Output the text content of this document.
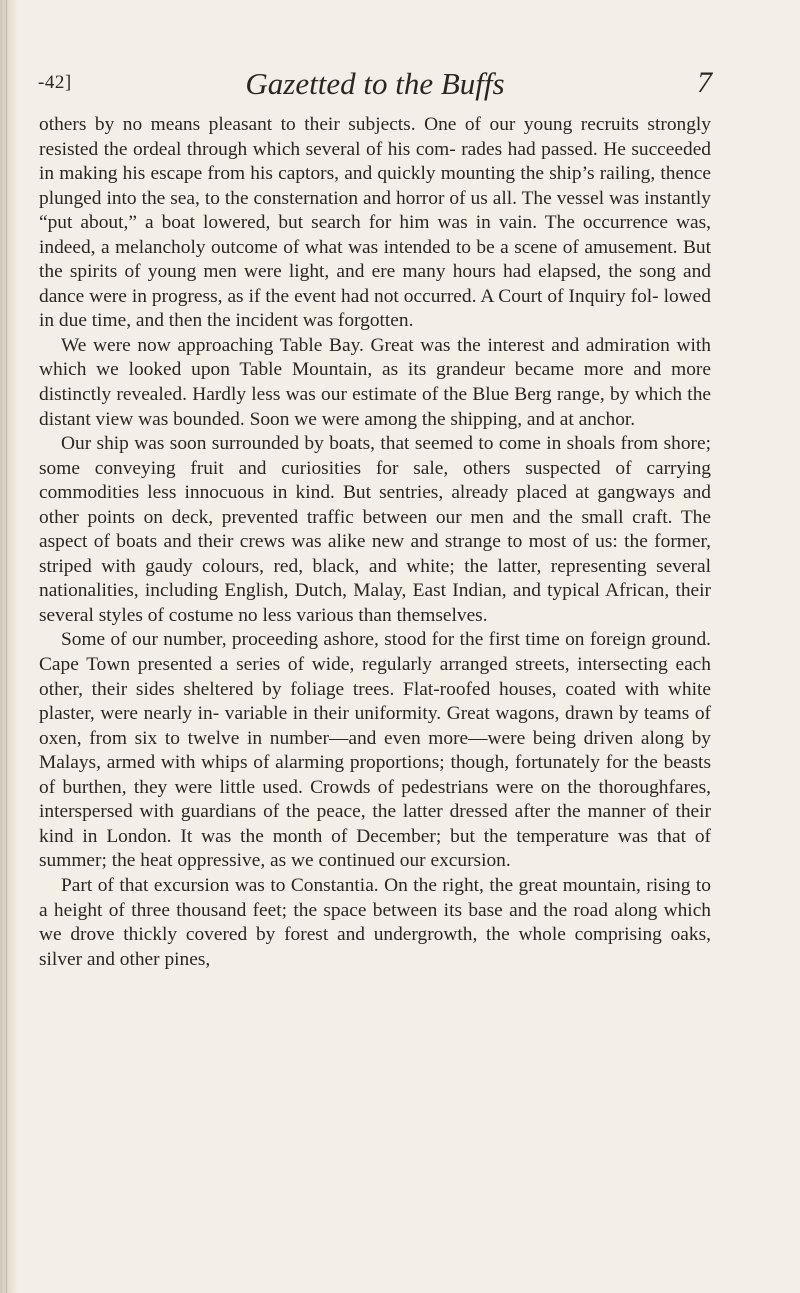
-42]	Gazetted to the Buffs	7

others by no means pleasant to their subjects. One of our young recruits strongly resisted the ordeal through which several of his com- rades had passed. He succeeded in making his escape from his captors, and quickly mounting the ship’s railing, thence plunged into the sea, to the consternation and horror of us all. The vessel was instantly “put about,” a boat lowered, but search for him was in vain. The occurrence was, indeed, a melancholy outcome of what was intended to be a scene of amusement. But the spirits of young men were light, and ere many hours had elapsed, the song and dance were in progress, as if the event had not occurred. A Court of Inquiry fol- lowed in due time, and then the incident was forgotten.

We were now approaching Table Bay. Great was the interest and admiration with which we looked upon Table Mountain, as its grandeur became more and more distinctly revealed. Hardly less was our estimate of the Blue Berg range, by which the distant view was bounded. Soon we were among the shipping, and at anchor.

Our ship was soon surrounded by boats, that seemed to come in shoals from shore; some conveying fruit and curiosities for sale, others suspected of carrying commodities less innocuous in kind. But sentries, already placed at gangways and other points on deck, prevented traffic between our men and the small craft. The aspect of boats and their crews was alike new and strange to most of us: the former, striped with gaudy colours, red, black, and white; the latter, representing several nationalities, including English, Dutch, Malay, East Indian, and typical African, their several styles of costume no less various than themselves.

Some of our number, proceeding ashore, stood for the first time on foreign ground. Cape Town presented a series of wide, regularly arranged streets, intersecting each other, their sides sheltered by foliage trees. Flat-roofed houses, coated with white plaster, were nearly in- variable in their uniformity. Great wagons, drawn by teams of oxen, from six to twelve in number—and even more—were being driven along by Malays, armed with whips of alarming proportions; though, fortunately for the beasts of burthen, they were little used. Crowds of pedestrians were on the thoroughfares, interspersed with guardians of the peace, the latter dressed after the manner of their kind in London. It was the month of December; but the temperature was that of summer; the heat oppressive, as we continued our excursion.

Part of that excursion was to Constantia. On the right, the great mountain, rising to a height of three thousand feet; the space between its base and the road along which we drove thickly covered by forest and undergrowth, the whole comprising oaks, silver and other pines,
